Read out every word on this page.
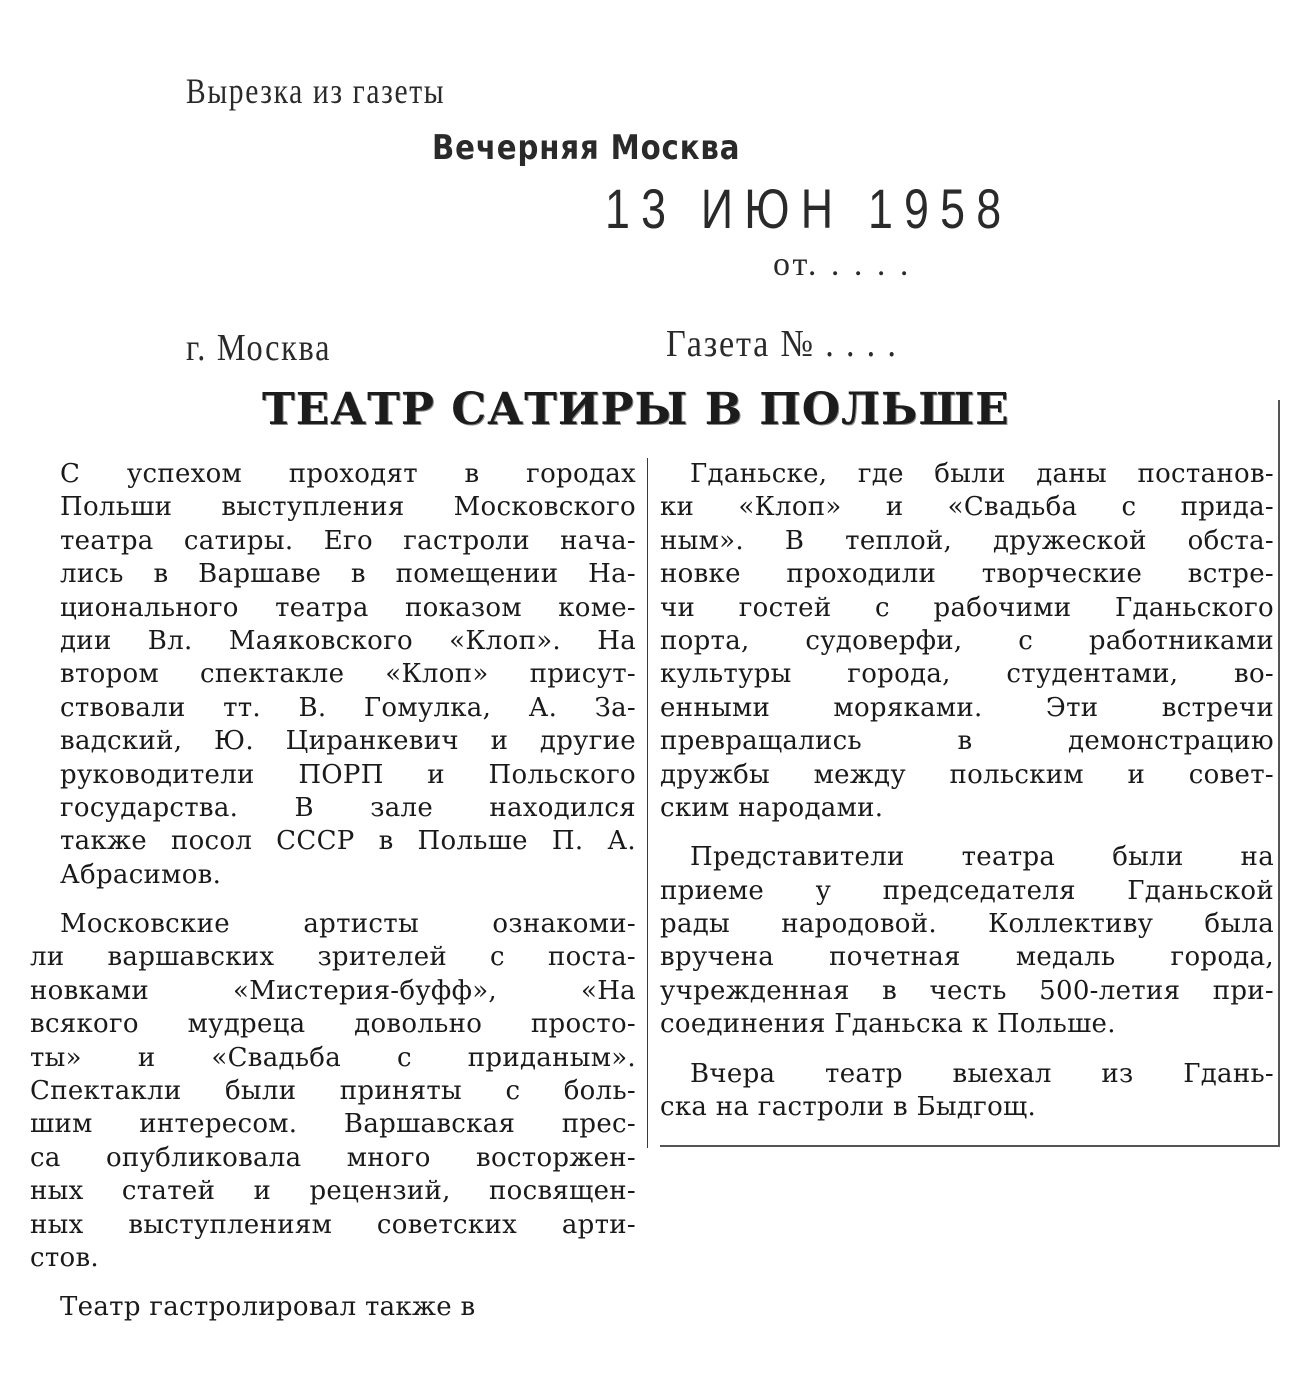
Вырезка из газеты
Вечерняя Москва
13 ИЮН 1958
от. . . . .
г. Москва	Газета № . . . .
ТЕАТР САТИРЫ В ПОЛЬШЕ
С успехом проходят в городах
Польши выступления Московского
театра сатиры. Его гастроли нача-
лись в Варшаве в помещении На-
ционального театра показом коме-
дии Вл. Маяковского «Клоп». На
втором спектакле «Клоп» присут-
ствовали тт. В. Гомулка, А. За-
вадский, Ю. Циранкевич и другие
руководители ПОРП и Польского
государства. В зале находился
также посол СССР в Польше П. А.
Абрасимов.
Московские артисты ознакоми-
ли варшавских зрителей с поста-
новками «Мистерия-буфф», «На
всякого мудреца довольно просто-
ты» и «Свадьба с приданым».
Спектакли были приняты с боль-
шим интересом. Варшавская прес-
са опубликовала много восторжен-
ных статей и рецензий, посвящен-
ных выступлениям советских арти-
стов.
Театр гастролировал также в
Гданьске, где были даны постанов-
ки «Клоп» и «Свадьба с прида-
ным». В теплой, дружеской обста-
новке проходили творческие встре-
чи гостей с рабочими Гданьского
порта, судоверфи, с работниками
культуры города, студентами, во-
енными моряками. Эти встречи
превращались в демонстрацию
дружбы между польским и совет-
ским народами.
Представители театра были на
приеме у председателя Гданьской
рады народовой. Коллективу была
вручена почетная медаль города,
учрежденная в честь 500-летия при-
соединения Гданьска к Польше.
Вчера театр выехал из Гдань-
ска на гастроли в Быдгощ.
